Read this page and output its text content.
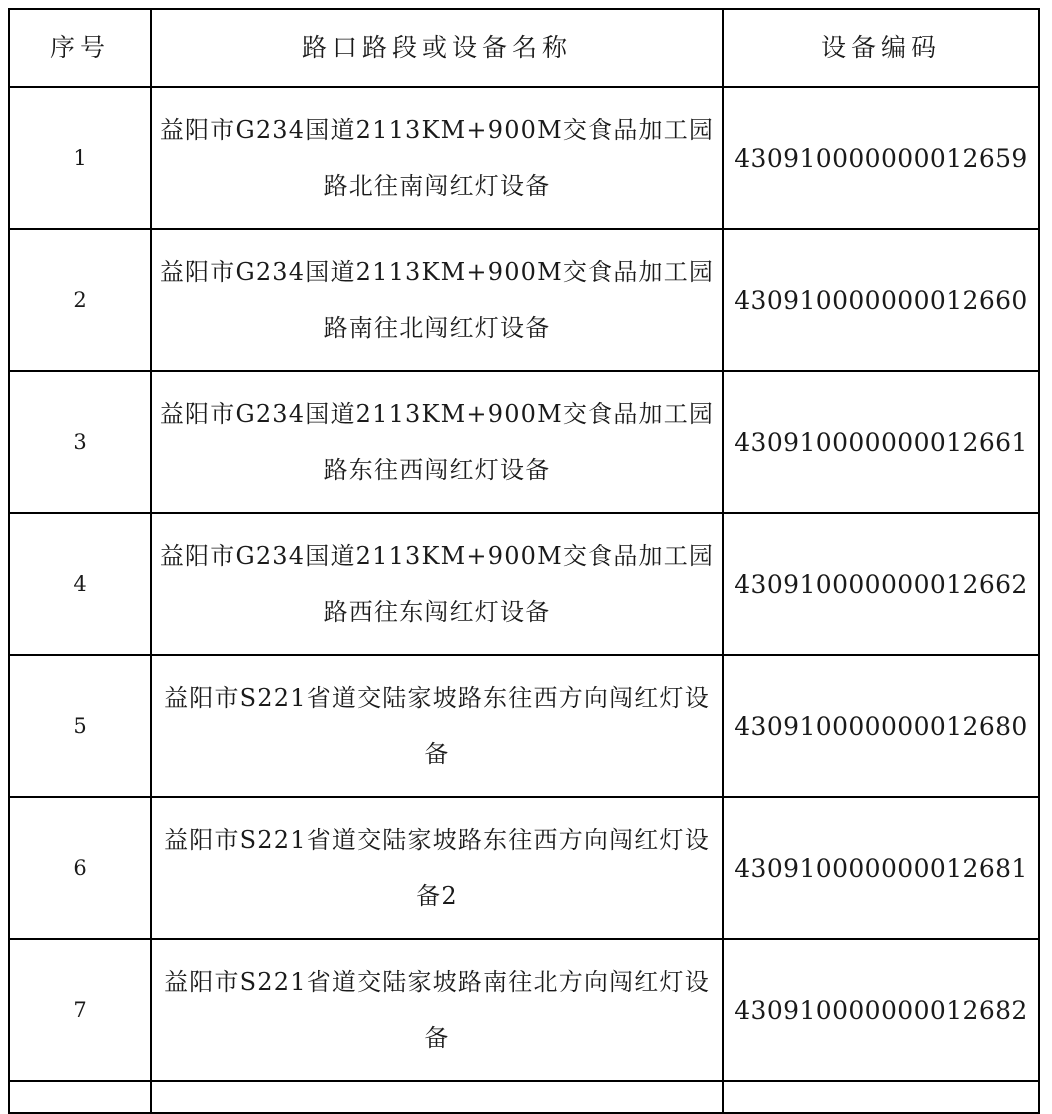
序号	路口路段或设备名称	设备编码
1	益阳市G234国道2113KM+900M交食品加工园路北往南闯红灯设备	430910000000012659
2	益阳市G234国道2113KM+900M交食品加工园路南往北闯红灯设备	430910000000012660
3	益阳市G234国道2113KM+900M交食品加工园路东往西闯红灯设备	430910000000012661
4	益阳市G234国道2113KM+900M交食品加工园路西往东闯红灯设备	430910000000012662
5	益阳市S221省道交陆家坡路东往西方向闯红灯设备	430910000000012680
6	益阳市S221省道交陆家坡路东往西方向闯红灯设备2	430910000000012681
7	益阳市S221省道交陆家坡路南往北方向闯红灯设备	430910000000012682
